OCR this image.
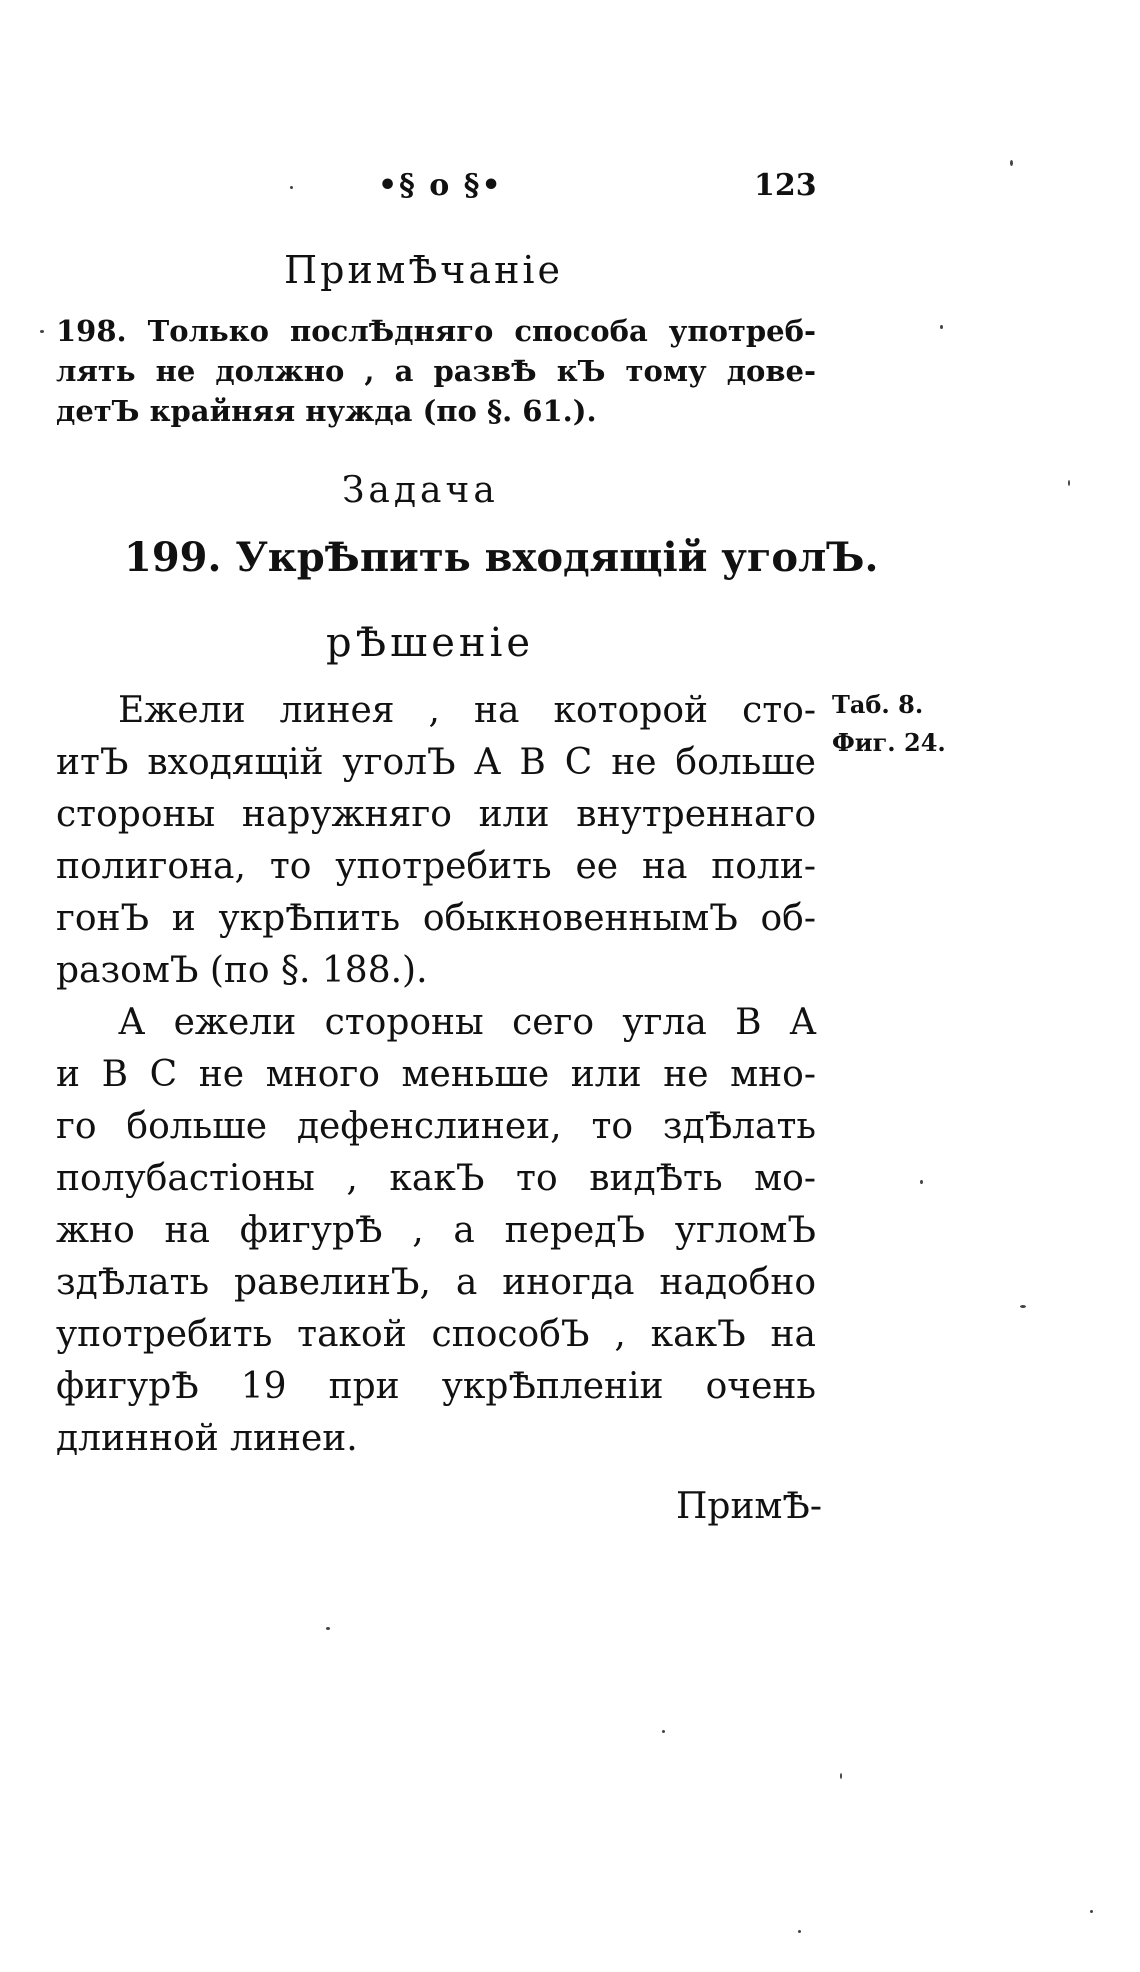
•§ o §•	123
ПримѢчаніе
198. Только послѢдняго способа употреб-
лять не должно , а развѢ кЪ тому дове-
детЪ крайняя нужда (по §. 61.).
Задача
199. УкрѢпить входящій уголЪ.
рѢшеніе
Ежели линея , на которой сто-
итЪ входящій уголЪ A B C не больше
стороны наружняго или внутреннаго
полигона, то употребить ее на поли-
гонЪ и укрѢпить обыкновеннымЪ об-
разомЪ (по §. 188.).
А ежели стороны сего угла B A
и B C не много меньше или не мно-
го больше дефенслинеи, то здѢлать
полубастіоны , какЪ то видѢть мо-
жно на фигурѢ , а передЪ угломЪ
здѢлать равелинЪ, а иногда надобно
употребить такой способЪ , какЪ на
фигурѢ 19 при укрѢпленіи очень
длинной линеи.
Таб. 8.
Фиг. 24.
ПримѢ-
